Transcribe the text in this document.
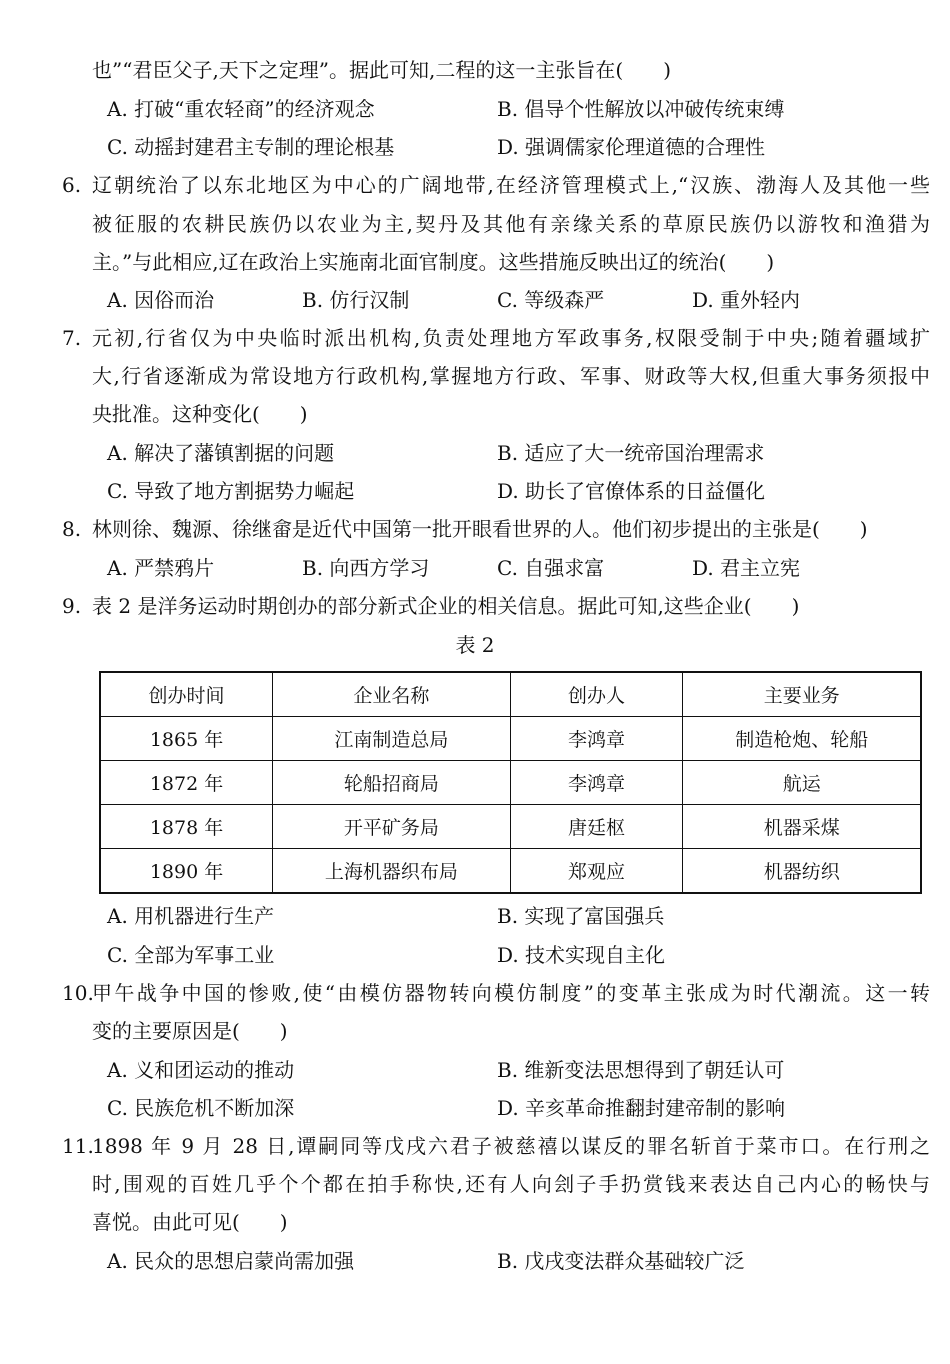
也”“君臣父子,天下之定理”。据此可知,二程的这一主张旨在(　　)
A. 打破“重农轻商”的经济观念	B. 倡导个性解放以冲破传统束缚
C. 动摇封建君主专制的理论根基	D. 强调儒家伦理道德的合理性
6. 辽朝统治了以东北地区为中心的广阔地带,在经济管理模式上,“汉族、渤海人及其他一些
被征服的农耕民族仍以农业为主,契丹及其他有亲缘关系的草原民族仍以游牧和渔猎为
主。”与此相应,辽在政治上实施南北面官制度。这些措施反映出辽的统治(　　)
A. 因俗而治	B. 仿行汉制	C. 等级森严	D. 重外轻内
7. 元初,行省仅为中央临时派出机构,负责处理地方军政事务,权限受制于中央;随着疆域扩
大,行省逐渐成为常设地方行政机构,掌握地方行政、军事、财政等大权,但重大事务须报中
央批准。这种变化(　　)
A. 解决了藩镇割据的问题	B. 适应了大一统帝国治理需求
C. 导致了地方割据势力崛起	D. 助长了官僚体系的日益僵化
8. 林则徐、魏源、徐继畲是近代中国第一批开眼看世界的人。他们初步提出的主张是(　　)
A. 严禁鸦片	B. 向西方学习	C. 自强求富	D. 君主立宪
9. 表 2 是洋务运动时期创办的部分新式企业的相关信息。据此可知,这些企业(　　)
表 2
创办时间	企业名称	创办人	主要业务
1865 年	江南制造总局	李鸿章	制造枪炮、轮船
1872 年	轮船招商局	李鸿章	航运
1878 年	开平矿务局	唐廷枢	机器采煤
1890 年	上海机器织布局	郑观应	机器纺织
A. 用机器进行生产	B. 实现了富国强兵
C. 全部为军事工业	D. 技术实现自主化
10.
甲午战争中国的惨败,使“由模仿器物转向模仿制度”的变革主张成为时代潮流。这一转
变的主要原因是(　　)
A. 义和团运动的推动	B. 维新变法思想得到了朝廷认可
C. 民族危机不断加深	D. 辛亥革命推翻封建帝制的影响
11.
1898 年 9 月 28 日,谭嗣同等戊戌六君子被慈禧以谋反的罪名斩首于菜市口。在行刑之
时,围观的百姓几乎个个都在拍手称快,还有人向刽子手扔赏钱来表达自己内心的畅快与
喜悦。由此可见(　　)
A. 民众的思想启蒙尚需加强	B. 戊戌变法群众基础较广泛
